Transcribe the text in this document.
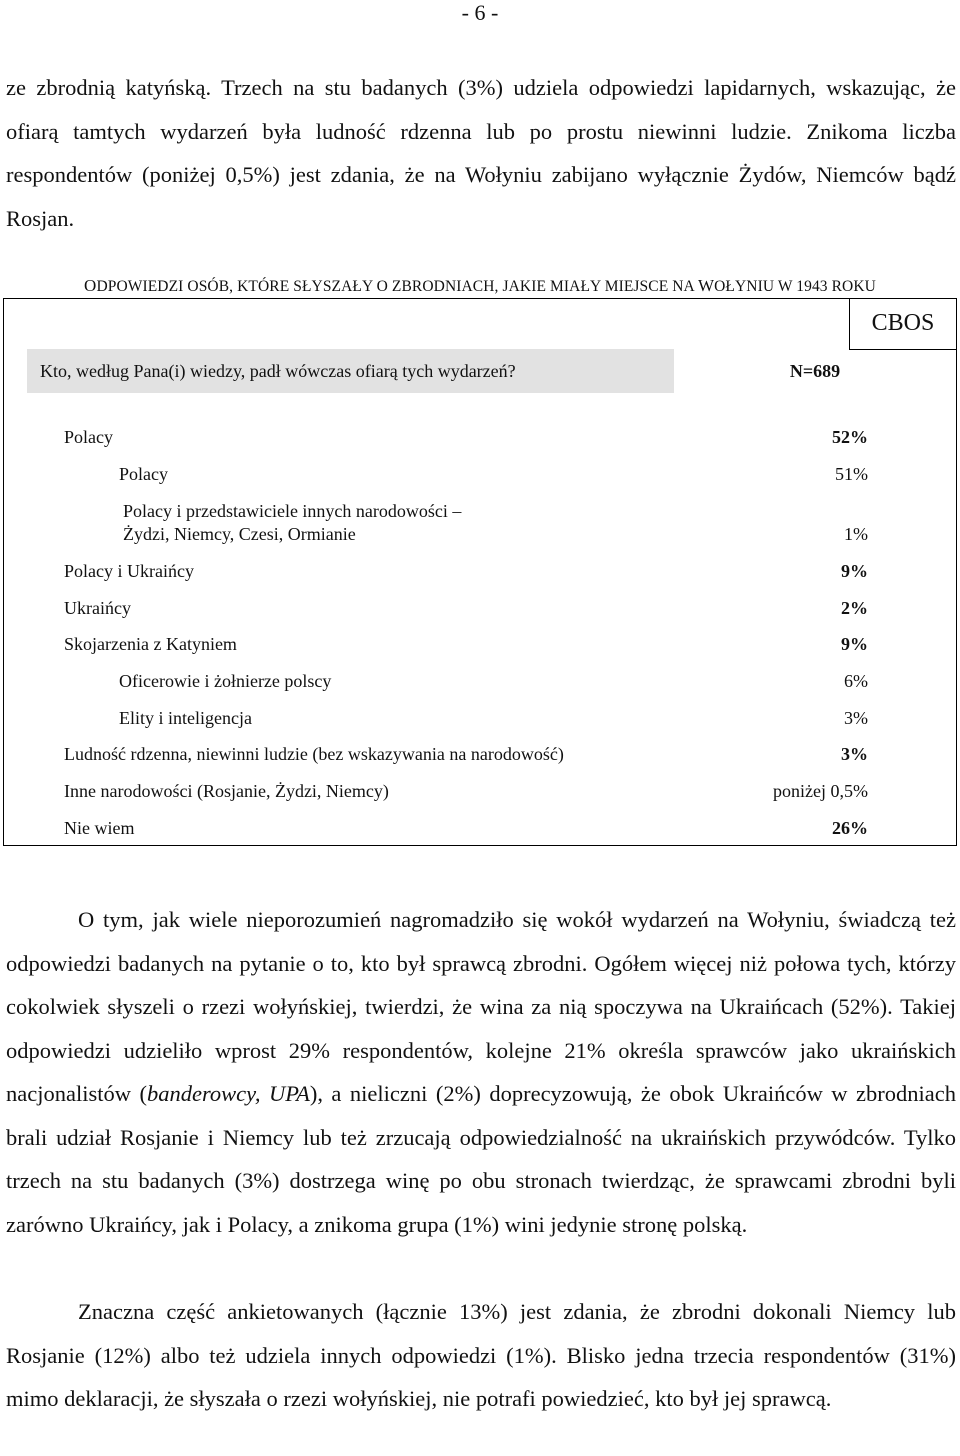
- 6 -

ze zbrodnią katyńską. Trzech na stu badanych (3%) udziela odpowiedzi lapidarnych, wskazując, że ofiarą tamtych wydarzeń była ludność rdzenna lub po prostu niewinni ludzie. Znikoma liczba respondentów (poniżej 0,5%) jest zdania, że na Wołyniu zabijano wyłącznie Żydów, Niemców bądź Rosjan.

ODPOWIEDZI OSÓB, KTÓRE SŁYSZAŁY O ZBRODNIACH, JAKIE MIAŁY MIEJSCE NA WOŁYNIU W 1943 ROKU
CBOS
Kto, według Pana(i) wiedzy, padł wówczas ofiarą tych wydarzeń?	N=689
Polacy	52%
Polacy	51%
Polacy i przedstawiciele innych narodowości –
Żydzi, Niemcy, Czesi, Ormianie	1%
Polacy i Ukraińcy	9%
Ukraińcy	2%
Skojarzenia z Katyniem	9%
Oficerowie i żołnierze polscy	6%
Elity i inteligencja	3%
Ludność rdzenna, niewinni ludzie (bez wskazywania na narodowość)	3%
Inne narodowości (Rosjanie, Żydzi, Niemcy)	poniżej 0,5%
Nie wiem	26%

O tym, jak wiele nieporozumień nagromadziło się wokół wydarzeń na Wołyniu, świadczą też odpowiedzi badanych na pytanie o to, kto był sprawcą zbrodni. Ogółem więcej niż połowa tych, którzy cokolwiek słyszeli o rzezi wołyńskiej, twierdzi, że wina za nią spoczywa na Ukraińcach (52%). Takiej odpowiedzi udzieliło wprost 29% respondentów, kolejne 21% określa sprawców jako ukraińskich nacjonalistów (banderowcy, UPA), a nieliczni (2%) doprecyzowują, że obok Ukraińców w zbrodniach brali udział Rosjanie i Niemcy lub też zrzucają odpowiedzialność na ukraińskich przywódców. Tylko trzech na stu badanych (3%) dostrzega winę po obu stronach twierdząc, że sprawcami zbrodni byli zarówno Ukraińcy, jak i Polacy, a znikoma grupa (1%) wini jedynie stronę polską.

Znaczna część ankietowanych (łącznie 13%) jest zdania, że zbrodni dokonali Niemcy lub Rosjanie (12%) albo też udziela innych odpowiedzi (1%). Blisko jedna trzecia respondentów (31%) mimo deklaracji, że słyszała o rzezi wołyńskiej, nie potrafi powiedzieć, kto był jej sprawcą.
